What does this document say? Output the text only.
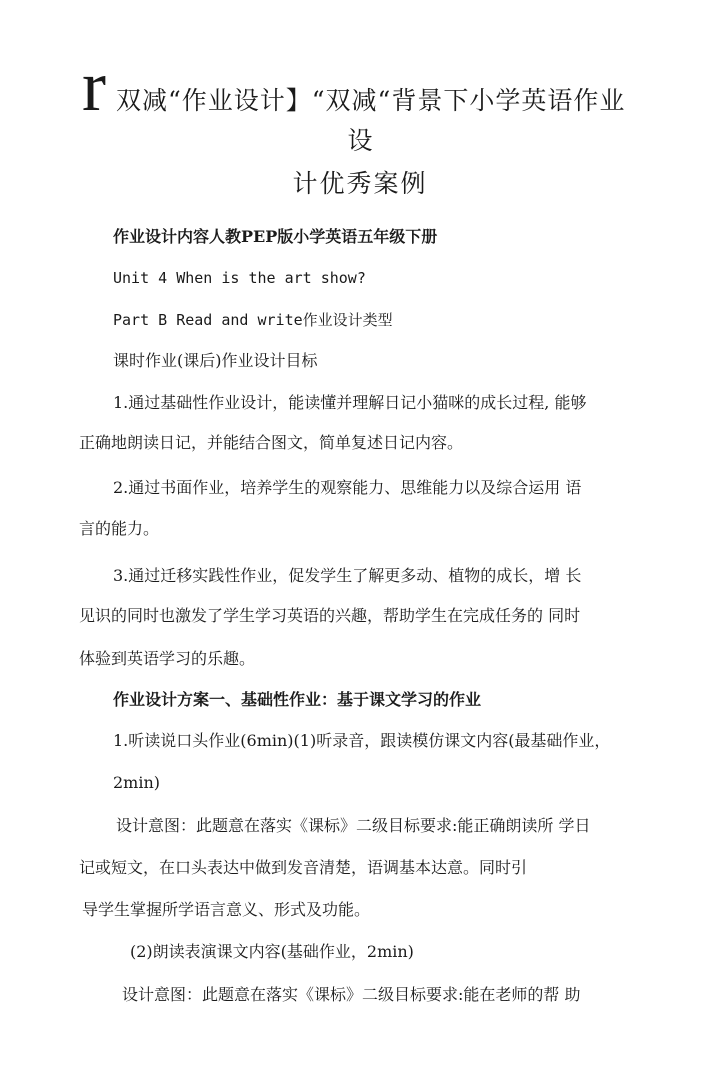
r 双减“作业设计】“双减“背景下小学英语作业
设
计优秀案例
作业设计内容人教PEP版小学英语五年级下册
Unit 4 When is the art show?
Part B Read and write作业设计类型
课时作业(课后)作业设计目标
1.通过基础性作业设计，能读懂并理解日记小猫咪的成长过程, 能够
正确地朗读日记，并能结合图文，简单复述日记内容。
2.通过书面作业，培养学生的观察能力、思维能力以及综合运用 语
言的能力。
3.通过迁移实践性作业，促发学生了解更多动、植物的成长，增 长
见识的同时也激发了学生学习英语的兴趣，帮助学生在完成任务的 同时
体验到英语学习的乐趣。
作业设计方案一、基础性作业：基于课文学习的作业
1.听读说口头作业(6min)(1)听录音，跟读模仿课文内容(最基础作业，
2min)
设计意图：此题意在落实《课标》二级目标要求:能正确朗读所 学日
记或短文，在口头表达中做到发音清楚，语调基本达意。同时引
导学生掌握所学语言意义、形式及功能。
(2)朗读表演课文内容(基础作业，2min)
设计意图：此题意在落实《课标》二级目标要求:能在老师的帮 助
